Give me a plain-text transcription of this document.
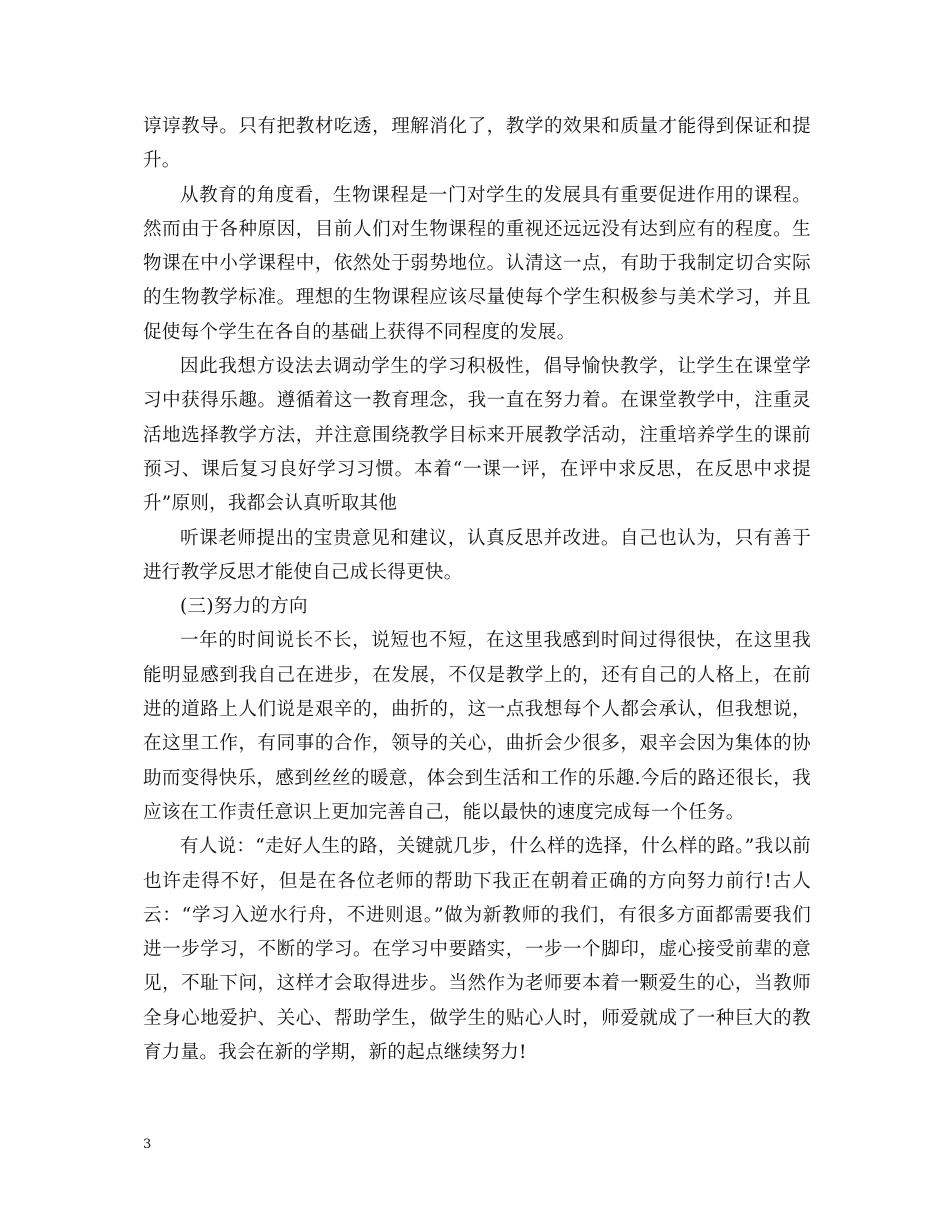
谆谆教导。只有把教材吃透，理解消化了，教学的效果和质量才能得到保证和提升。

从教育的角度看，生物课程是一门对学生的发展具有重要促进作用的课程。然而由于各种原因，目前人们对生物课程的重视还远远没有达到应有的程度。生物课在中小学课程中，依然处于弱势地位。认清这一点，有助于我制定切合实际的生物教学标准。理想的生物课程应该尽量使每个学生积极参与美术学习，并且促使每个学生在各自的基础上获得不同程度的发展。

因此我想方设法去调动学生的学习积极性，倡导愉快教学，让学生在课堂学习中获得乐趣。遵循着这一教育理念，我一直在努力着。在课堂教学中，注重灵活地选择教学方法，并注意围绕教学目标来开展教学活动，注重培养学生的课前预习、课后复习良好学习习惯。本着“一课一评，在评中求反思，在反思中求提升”原则，我都会认真听取其他

听课老师提出的宝贵意见和建议，认真反思并改进。自己也认为，只有善于进行教学反思才能使自己成长得更快。

(三)努力的方向

一年的时间说长不长，说短也不短，在这里我感到时间过得很快，在这里我能明显感到我自己在进步，在发展，不仅是教学上的，还有自己的人格上，在前进的道路上人们说是艰辛的，曲折的，这一点我想每个人都会承认，但我想说，在这里工作，有同事的合作，领导的关心，曲折会少很多，艰辛会因为集体的协助而变得快乐，感到丝丝的暖意，体会到生活和工作的乐趣.今后的路还很长，我应该在工作责任意识上更加完善自己，能以最快的速度完成每一个任务。

有人说：“走好人生的路，关键就几步，什么样的选择，什么样的路。”我以前也许走得不好，但是在各位老师的帮助下我正在朝着正确的方向努力前行!古人云：“学习入逆水行舟，不进则退。”做为新教师的我们，有很多方面都需要我们进一步学习，不断的学习。在学习中要踏实，一步一个脚印，虚心接受前辈的意见，不耻下问，这样才会取得进步。当然作为老师要本着一颗爱生的心，当教师全身心地爱护、关心、帮助学生，做学生的贴心人时，师爱就成了一种巨大的教育力量。我会在新的学期，新的起点继续努力!

3
